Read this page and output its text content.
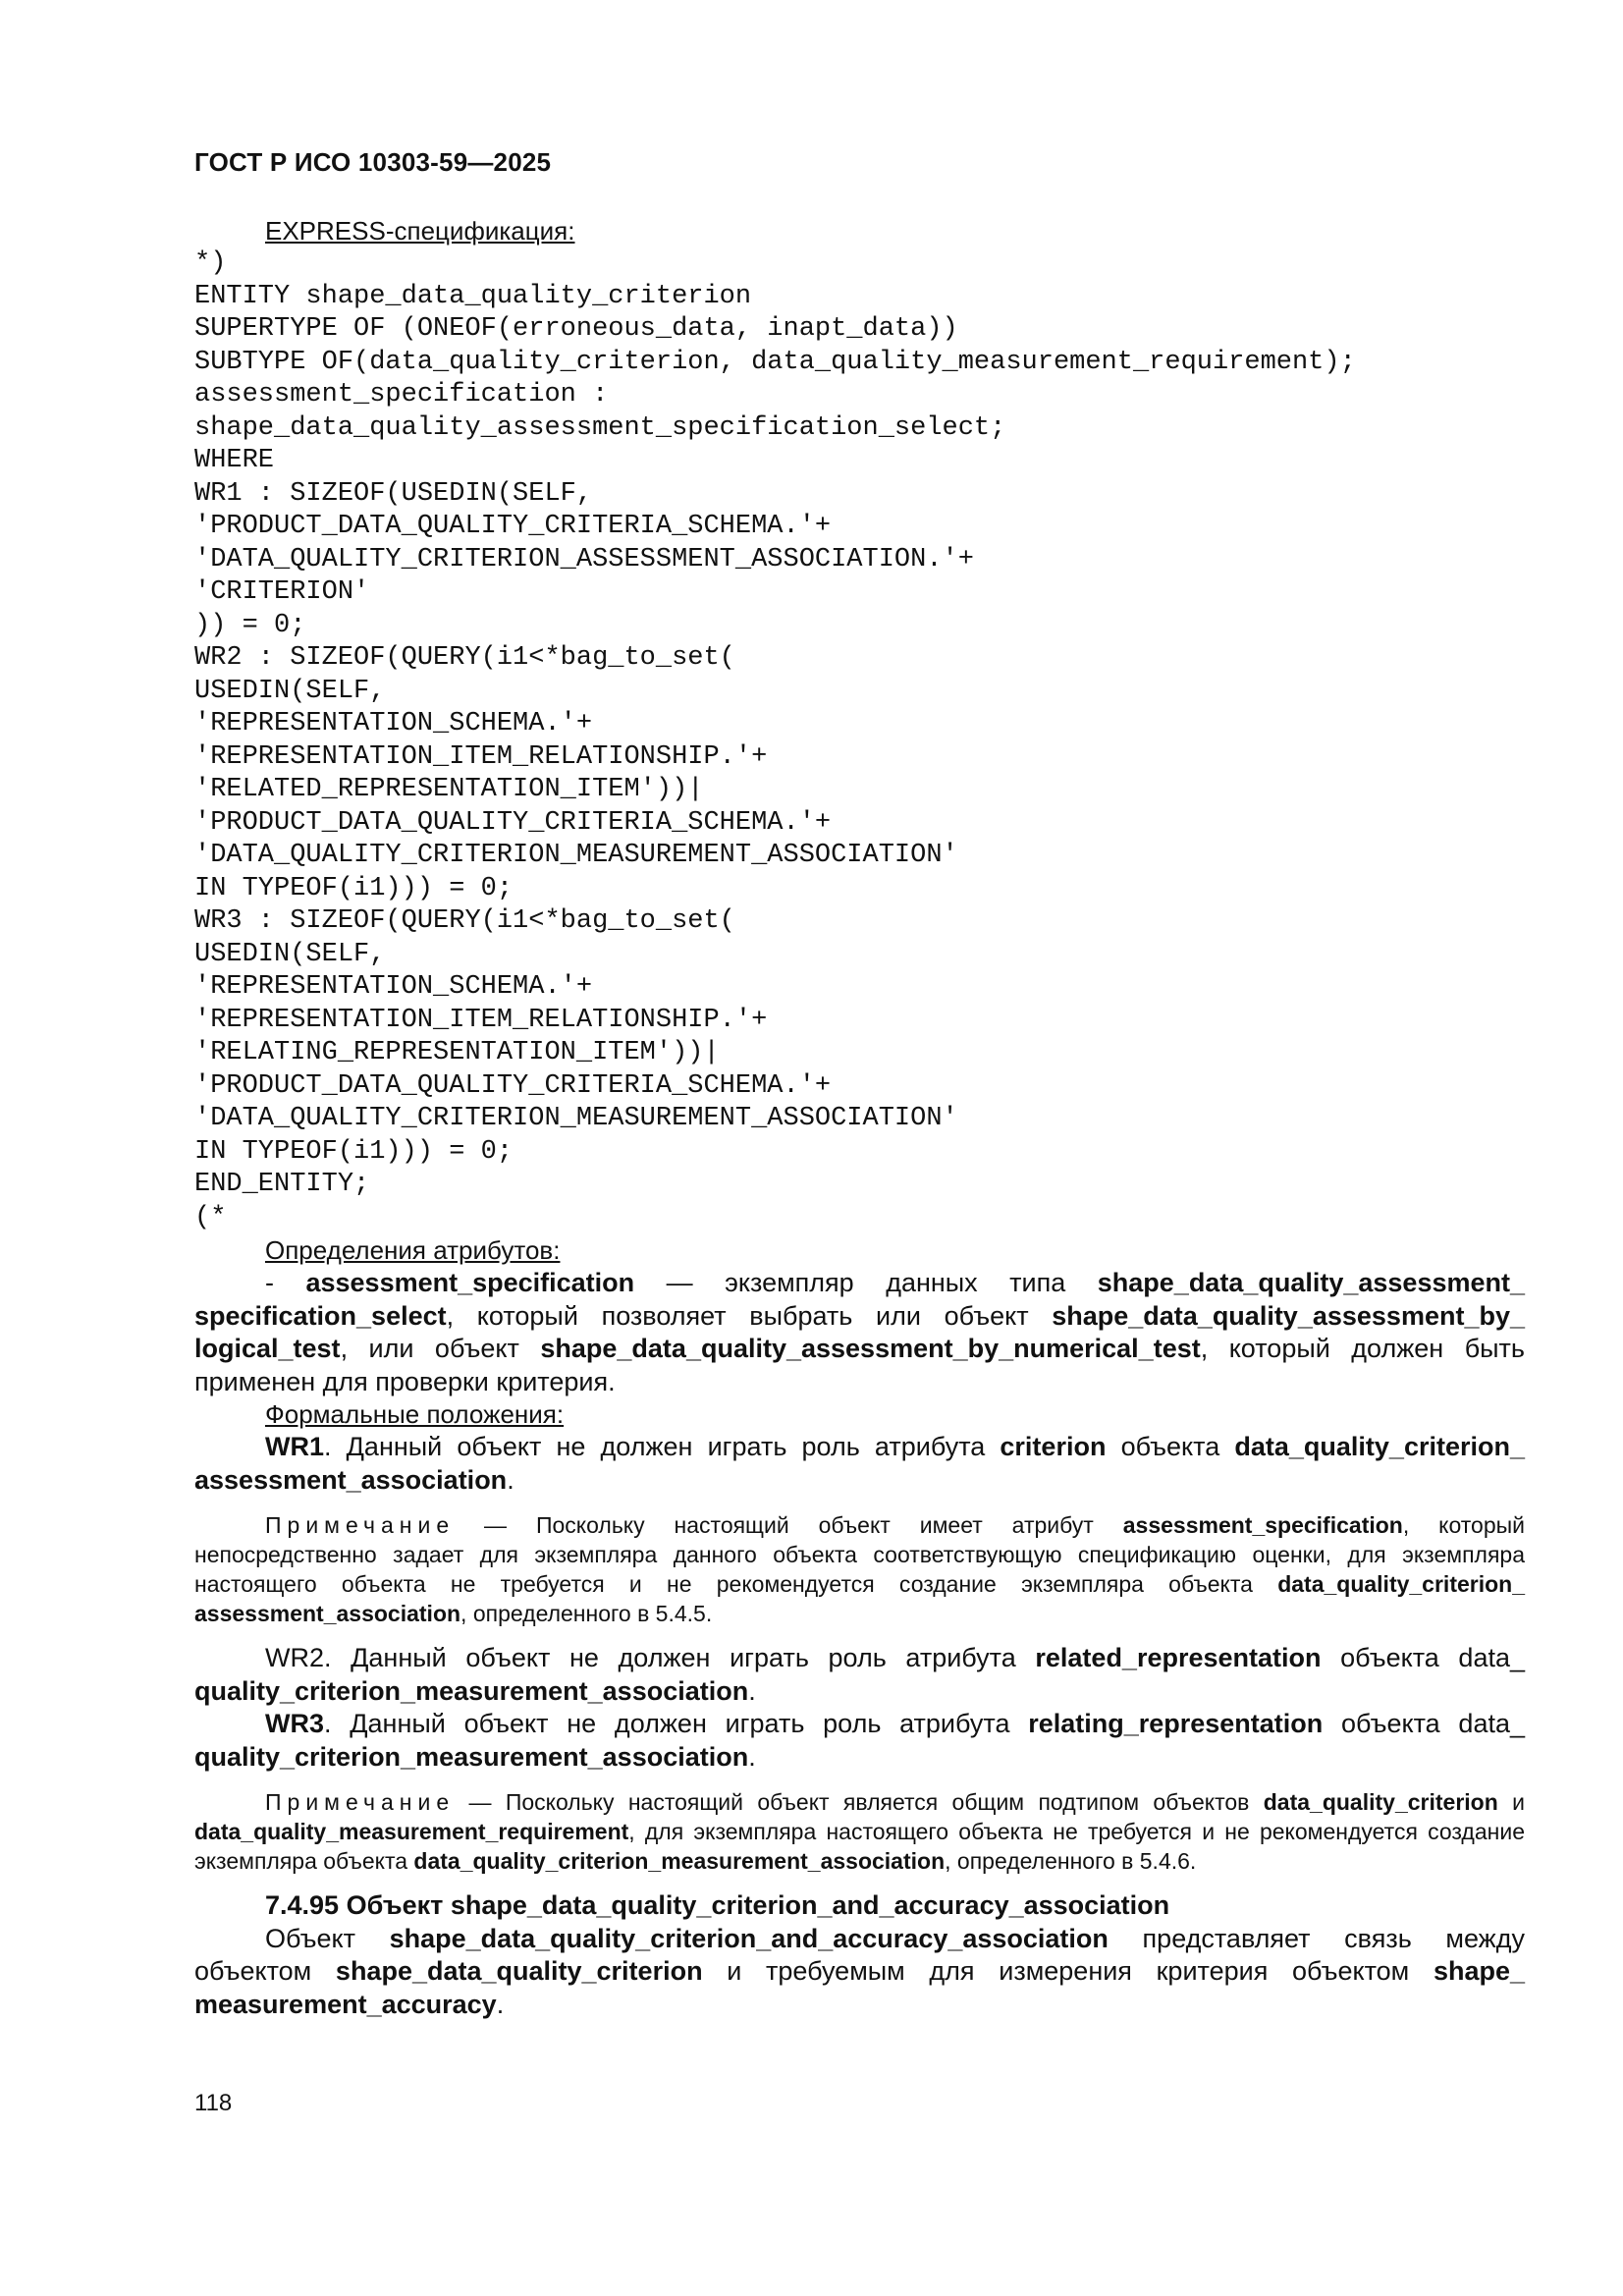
ГОСТ Р ИСО 10303-59—2025
EXPRESS-спецификация:
*)
ENTITY shape_data_quality_criterion
SUPERTYPE OF (ONEOF(erroneous_data, inapt_data))
SUBTYPE OF(data_quality_criterion, data_quality_measurement_requirement);
assessment_specification :
shape_data_quality_assessment_specification_select;
WHERE
WR1 : SIZEOF(USEDIN(SELF,
'PRODUCT_DATA_QUALITY_CRITERIA_SCHEMA.'+
'DATA_QUALITY_CRITERION_ASSESSMENT_ASSOCIATION.'+
'CRITERION'
)) = 0;
WR2 : SIZEOF(QUERY(i1<*bag_to_set(
USEDIN(SELF,
'REPRESENTATION_SCHEMA.'+
'REPRESENTATION_ITEM_RELATIONSHIP.'+
'RELATED_REPRESENTATION_ITEM'))|
'PRODUCT_DATA_QUALITY_CRITERIA_SCHEMA.'+
'DATA_QUALITY_CRITERION_MEASUREMENT_ASSOCIATION'
IN TYPEOF(i1))) = 0;
WR3 : SIZEOF(QUERY(i1<*bag_to_set(
USEDIN(SELF,
'REPRESENTATION_SCHEMA.'+
'REPRESENTATION_ITEM_RELATIONSHIP.'+
'RELATING_REPRESENTATION_ITEM'))|
'PRODUCT_DATA_QUALITY_CRITERIA_SCHEMA.'+
'DATA_QUALITY_CRITERION_MEASUREMENT_ASSOCIATION'
IN TYPEOF(i1))) = 0;
END_ENTITY;
(*
Определения атрибутов:

- assessment_specification — экземпляр данных типа shape_data_quality_assessment_ specification_select, который позволяет выбрать или объект shape_data_quality_assessment_by_ logical_test, или объект shape_data_quality_assessment_by_numerical_test, который должен быть применен для проверки критерия.

Формальные положения:

WR1. Данный объект не должен играть роль атрибута criterion объекта data_quality_criterion_ assessment_association.

Примечание — Поскольку настоящий объект имеет атрибут assessment_specification, который непосредственно задает для экземпляра данного объекта соответствующую спецификацию оценки, для экземпляра настоящего объекта не требуется и не рекомендуется создание экземпляра объекта data_quality_criterion_ assessment_association, определенного в 5.4.5.

WR2. Данный объект не должен играть роль атрибута related_representation объекта data_ quality_criterion_measurement_association.

WR3. Данный объект не должен играть роль атрибута relating_representation объекта data_ quality_criterion_measurement_association.

Примечание — Поскольку настоящий объект является общим подтипом объектов data_quality_criterion и data_quality_measurement_requirement, для экземпляра настоящего объекта не требуется и не рекомендуется создание экземпляра объекта data_quality_criterion_measurement_association, определенного в 5.4.6.

7.4.95 Объект shape_data_quality_criterion_and_accuracy_association

Объект shape_data_quality_criterion_and_accuracy_association представляет связь между объектом shape_data_quality_criterion и требуемым для измерения критерия объектом shape_ measurement_accuracy.

118
